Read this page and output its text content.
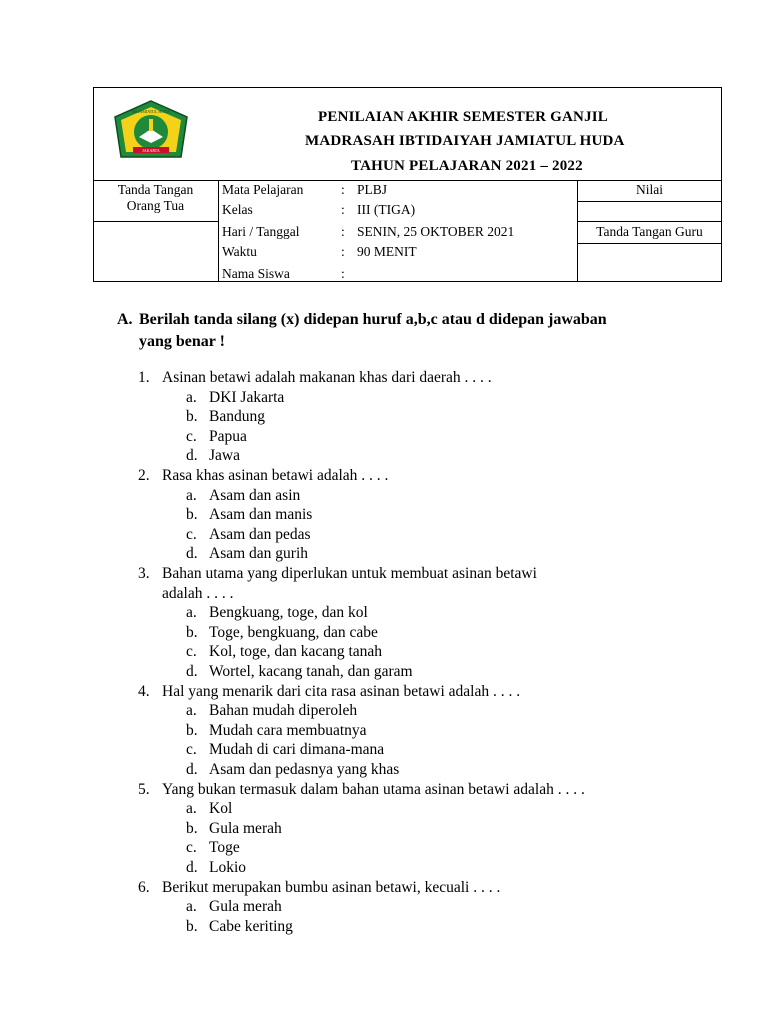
MI JAMIATUL HUDA
JAKARTA
PENILAIAN AKHIR SEMESTER GANJIL
MADRASAH IBTIDAIYAH JAMIATUL HUDA
TAHUN PELAJARAN 2021 – 2022
Tanda Tangan
Orang Tua
Mata Pelajaran	: PLBJ
Kelas	: III (TIGA)
Hari / Tanggal	: SENIN, 25 OKTOBER 2021
Waktu	: 90 MENIT
Nama Siswa	:
Nilai
Tanda Tangan Guru
A. Berilah tanda silang (x) didepan huruf a,b,c atau d didepan jawaban
yang benar !
1. Asinan betawi adalah makanan khas dari daerah . . . .
a. DKI Jakarta
b. Bandung
c. Papua
d. Jawa
2. Rasa khas asinan betawi adalah . . . .
a. Asam dan asin
b. Asam dan manis
c. Asam dan pedas
d. Asam dan gurih
3. Bahan utama yang diperlukan untuk membuat asinan betawi
adalah . . . .
a. Bengkuang, toge, dan kol
b. Toge, bengkuang, dan cabe
c. Kol, toge, dan kacang tanah
d. Wortel, kacang tanah, dan garam
4. Hal yang menarik dari cita rasa asinan betawi adalah . . . .
a. Bahan mudah diperoleh
b. Mudah cara membuatnya
c. Mudah di cari dimana-mana
d. Asam dan pedasnya yang khas
5. Yang bukan termasuk dalam bahan utama asinan betawi adalah . . . .
a. Kol
b. Gula merah
c. Toge
d. Lokio
6. Berikut merupakan bumbu asinan betawi, kecuali . . . .
a. Gula merah
b. Cabe keriting
